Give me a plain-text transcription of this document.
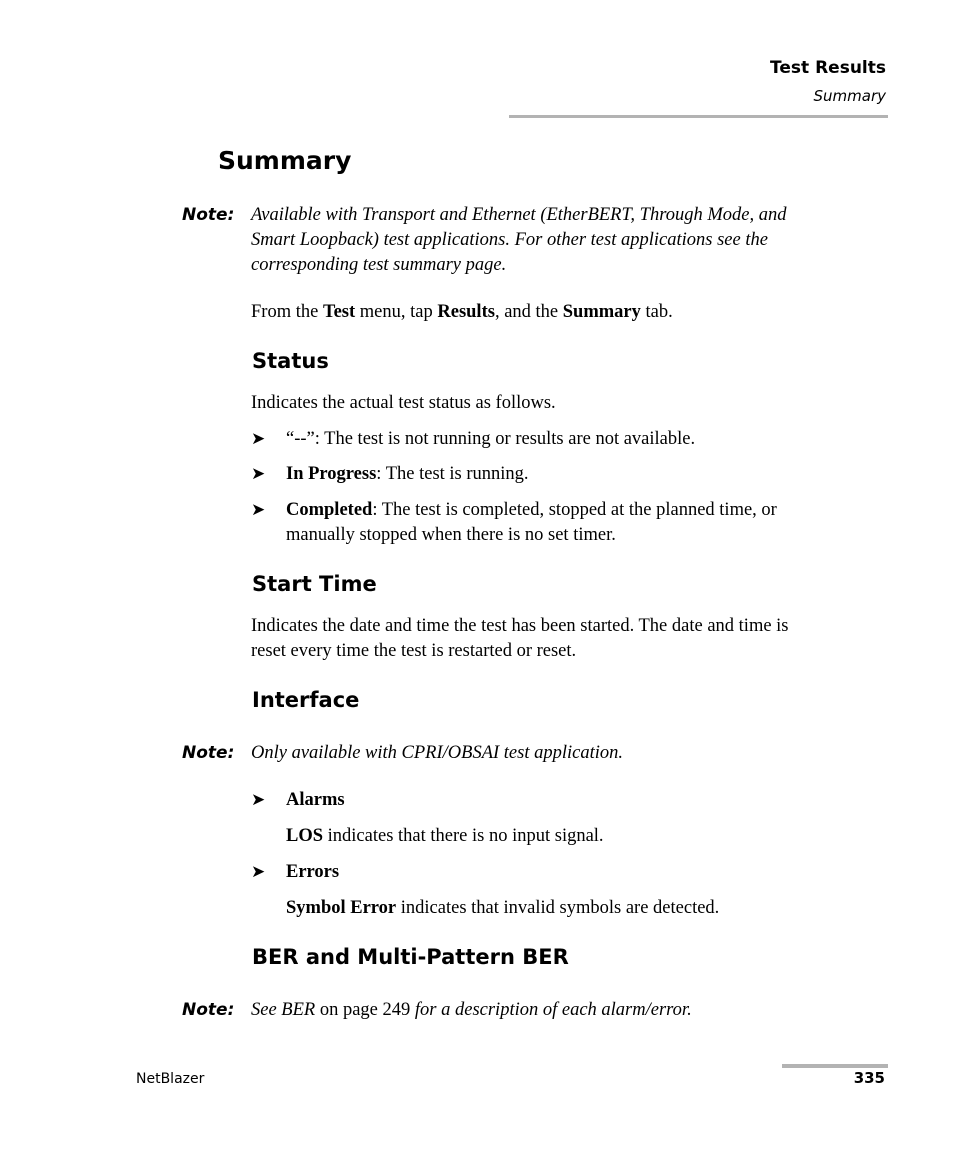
Test Results
Summary
Summary
Note: Available with Transport and Ethernet (EtherBERT, Through Mode, and
Smart Loopback) test applications. For other test applications see the
corresponding test summary page.
From the Test menu, tap Results, and the Summary tab.
Status
Indicates the actual test status as follows.
➤ “--”: The test is not running or results are not available.
➤ In Progress: The test is running.
➤ Completed: The test is completed, stopped at the planned time, or
manually stopped when there is no set timer.
Start Time
Indicates the date and time the test has been started. The date and time is
reset every time the test is restarted or reset.
Interface
Note: Only available with CPRI/OBSAI test application.
➤ Alarms
LOS indicates that there is no input signal.
➤ Errors
Symbol Error indicates that invalid symbols are detected.
BER and Multi-Pattern BER
Note: See BER on page 249 for a description of each alarm/error.
NetBlazer	335
